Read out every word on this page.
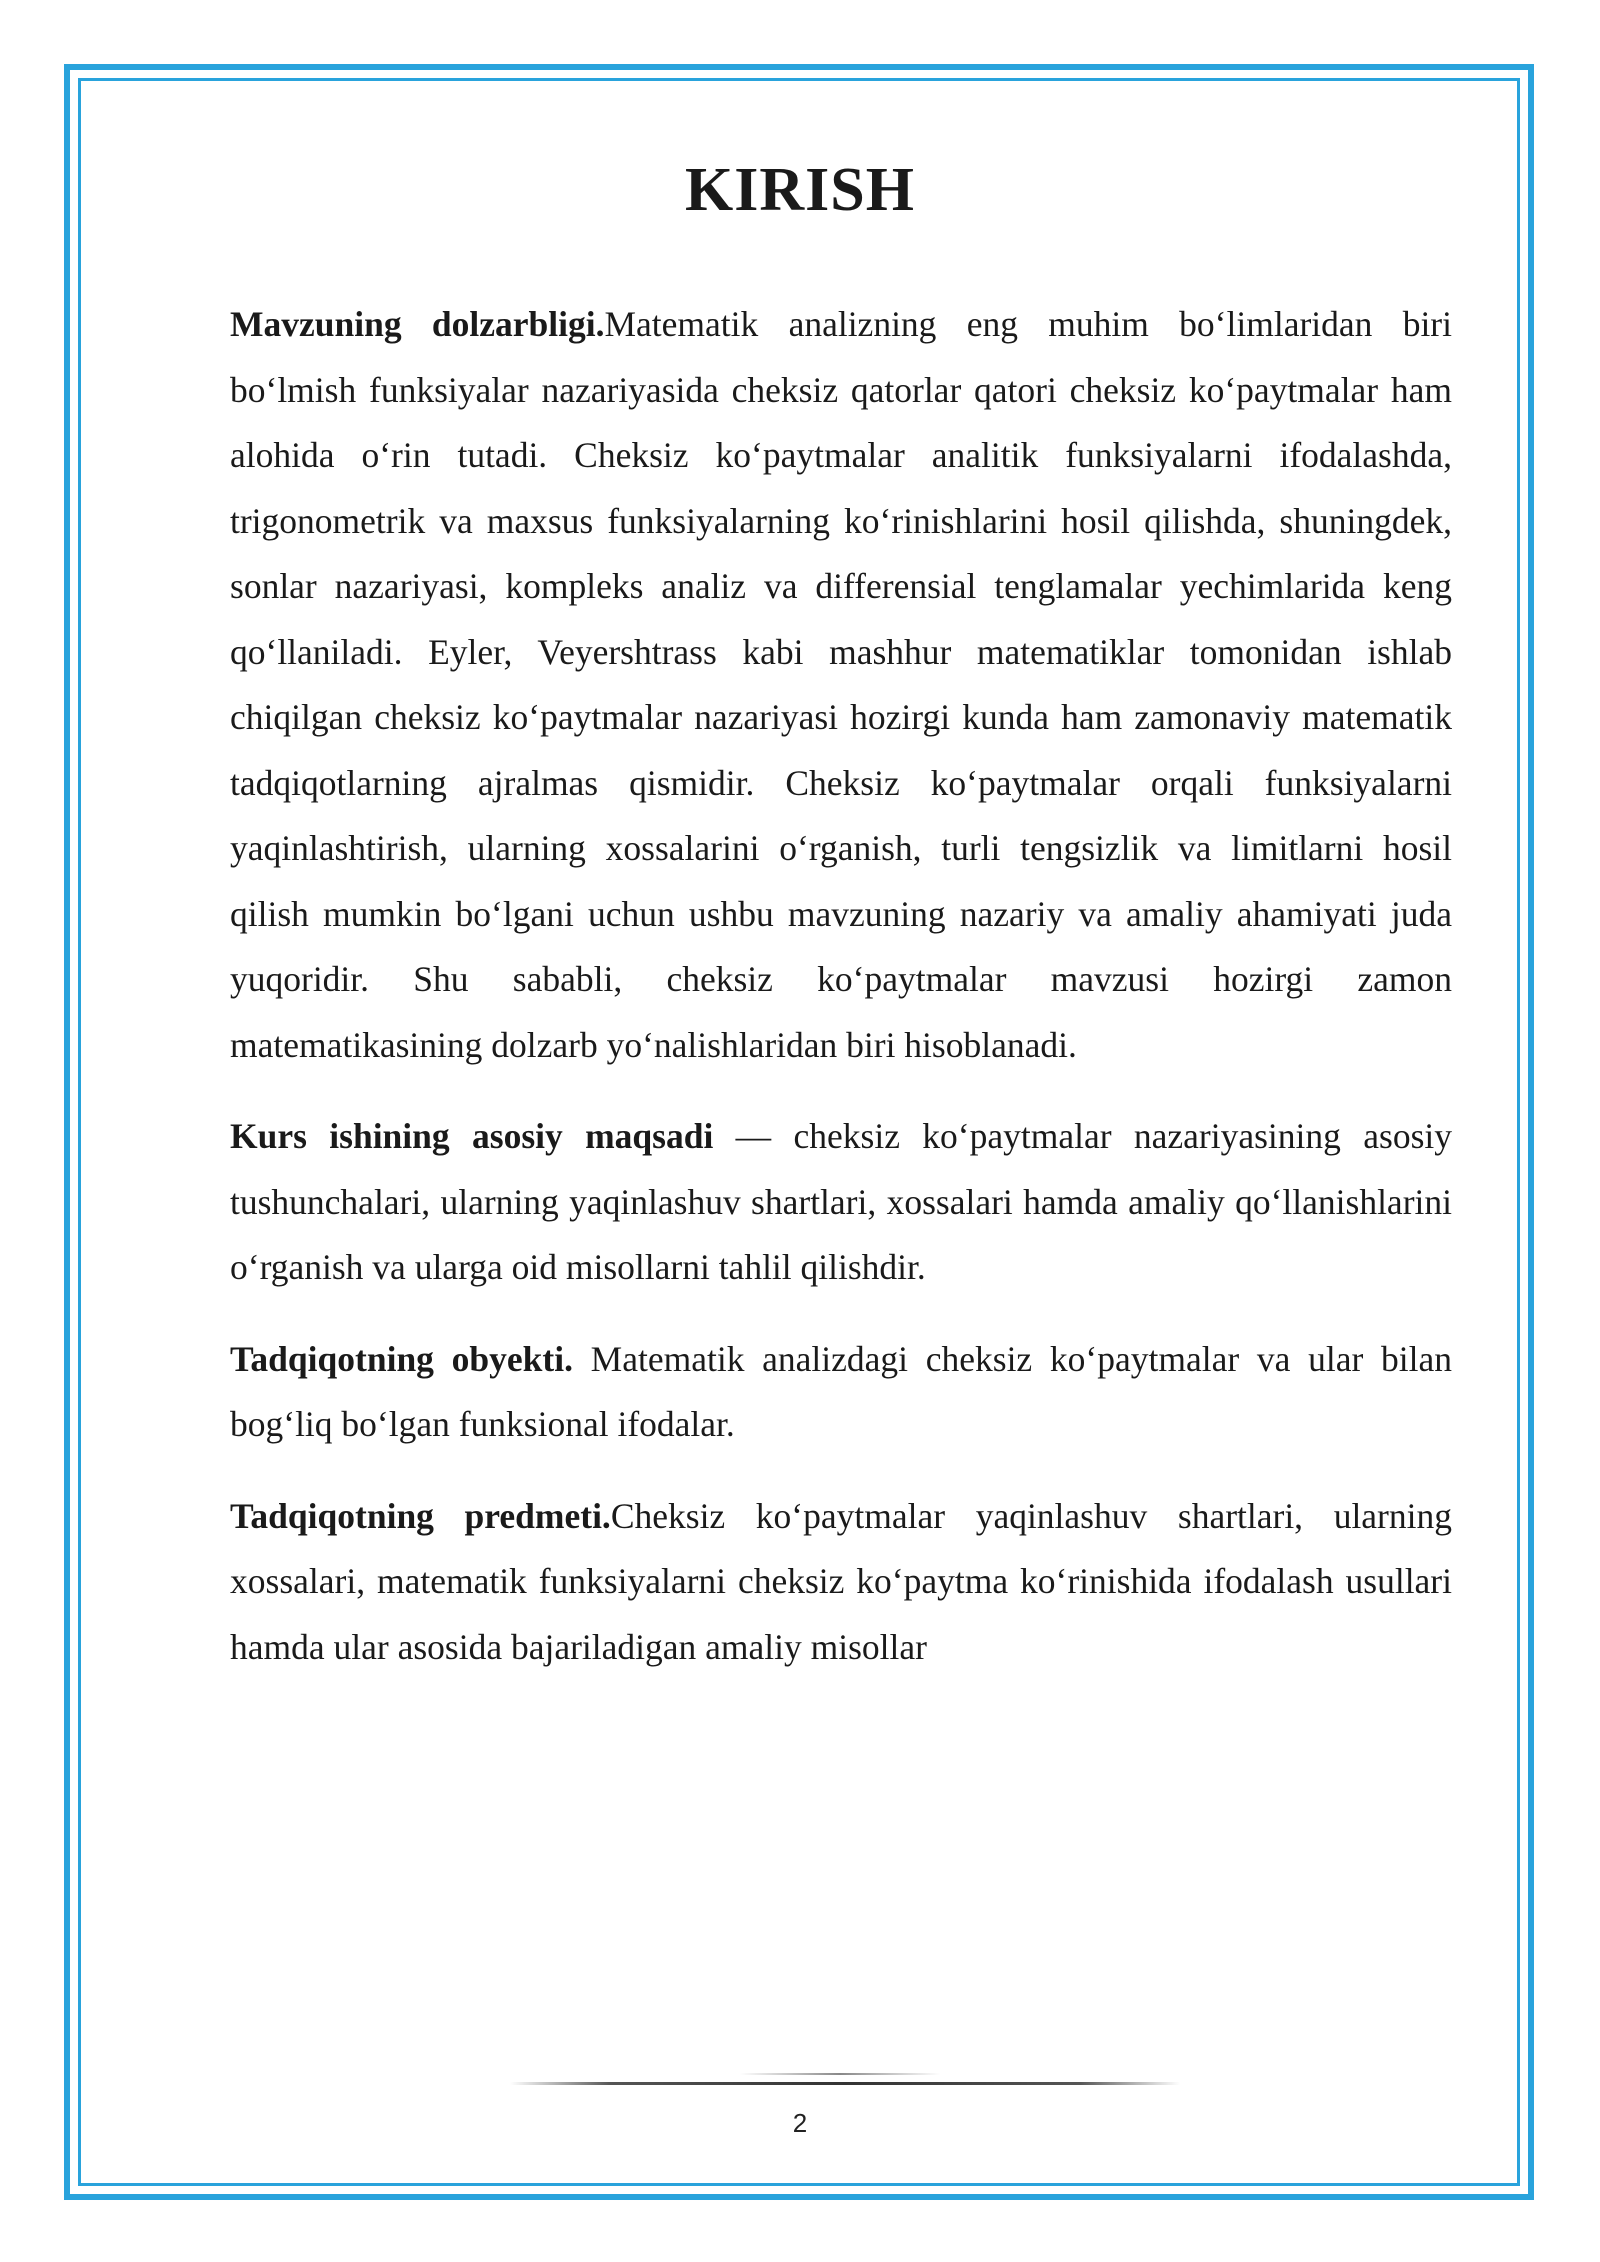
KIRISH

Mavzuning dolzarbligi.Matematik analizning eng muhim bo‘limlaridan biri bo‘lmish funksiyalar nazariyasida cheksiz qatorlar qatori cheksiz ko‘paytmalar ham alohida o‘rin tutadi. Cheksiz ko‘paytmalar analitik funksiyalarni ifodalashda, trigonometrik va maxsus funksiyalarning ko‘rinishlarini hosil qilishda, shuningdek, sonlar nazariyasi, kompleks analiz va differensial tenglamalar yechimlarida keng qo‘llaniladi. Eyler, Veyershtrass kabi mashhur matematiklar tomonidan ishlab chiqilgan cheksiz ko‘paytmalar nazariyasi hozirgi kunda ham zamonaviy matematik tadqiqotlarning ajralmas qismidir. Cheksiz ko‘paytmalar orqali funksiyalarni yaqinlashtirish, ularning xossalarini o‘rganish, turli tengsizlik va limitlarni hosil qilish mumkin bo‘lgani uchun ushbu mavzuning nazariy va amaliy ahamiyati juda yuqoridir. Shu sababli, cheksiz ko‘paytmalar mavzusi hozirgi zamon matematikasining dolzarb yo‘nalishlaridan biri hisoblanadi.

Kurs ishining asosiy maqsadi — cheksiz ko‘paytmalar nazariyasining asosiy tushunchalari, ularning yaqinlashuv shartlari, xossalari hamda amaliy qo‘llanishlarini o‘rganish va ularga oid misollarni tahlil qilishdir.

Tadqiqotning obyekti. Matematik analizdagi cheksiz ko‘paytmalar va ular bilan bog‘liq bo‘lgan funksional ifodalar.

Tadqiqotning predmeti.Cheksiz ko‘paytmalar yaqinlashuv shartlari, ularning xossalari, matematik funksiyalarni cheksiz ko‘paytma ko‘rinishida ifodalash usullari hamda ular asosida bajariladigan amaliy misollar

2
